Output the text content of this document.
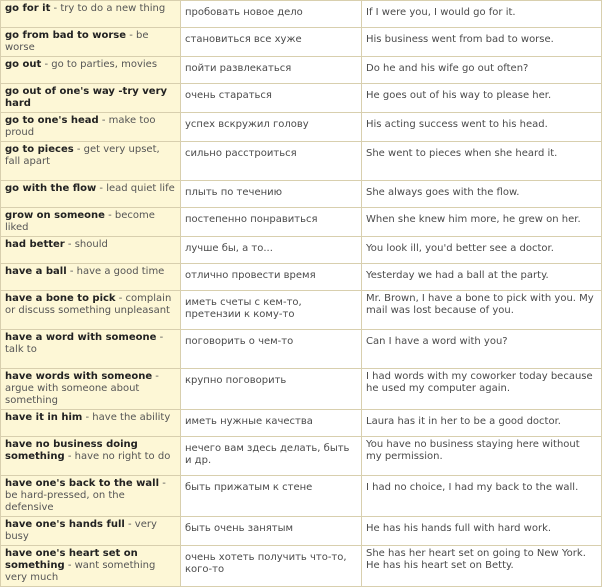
go for it - try to do a new thing	пробовать новое дело	If I were you, I would go for it.
go from bad to worse - be worse	становиться все хуже	His business went from bad to worse.
go out - go to parties, movies	пойти развлекаться	Do he and his wife go out often?
go out of one's way -try very hard	очень стараться	He goes out of his way to please her.
go to one's head - make too proud	успех вскружил голову	His acting success went to his head.
go to pieces - get very upset, fall apart	сильно расстроиться	She went to pieces when she heard it.
go with the flow - lead quiet life	плыть по течению	She always goes with the flow.
grow on someone - become liked	постепенно понравиться	When she knew him more, he grew on her.
had better - should	лучше бы, а то...	You look ill, you'd better see a doctor.
have a ball - have a good time	отлично провести время	Yesterday we had a ball at the party.
have a bone to pick - complain or discuss something unpleasant	иметь счеты с кем-то, претензии к кому-то	Mr. Brown, I have a bone to pick with you. My mail was lost because of you.
have a word with someone - talk to	поговорить о чем-то	Can I have a word with you?
have words with someone - argue with someone about something	крупно поговорить	I had words with my coworker today because he used my computer again.
have it in him - have the ability	иметь нужные качества	Laura has it in her to be a good doctor.
have no business doing something - have no right to do	нечего вам здесь делать, быть и др.	You have no business staying here without my permission.
have one's back to the wall - be hard-pressed, on the defensive	быть прижатым к стене	I had no choice, I had my back to the wall.
have one's hands full - very busy	быть очень занятым	He has his hands full with hard work.
have one's heart set on something - want something very much	очень хотеть получить что-то, кого-то	She has her heart set on going to New York. He has his heart set on Betty.
